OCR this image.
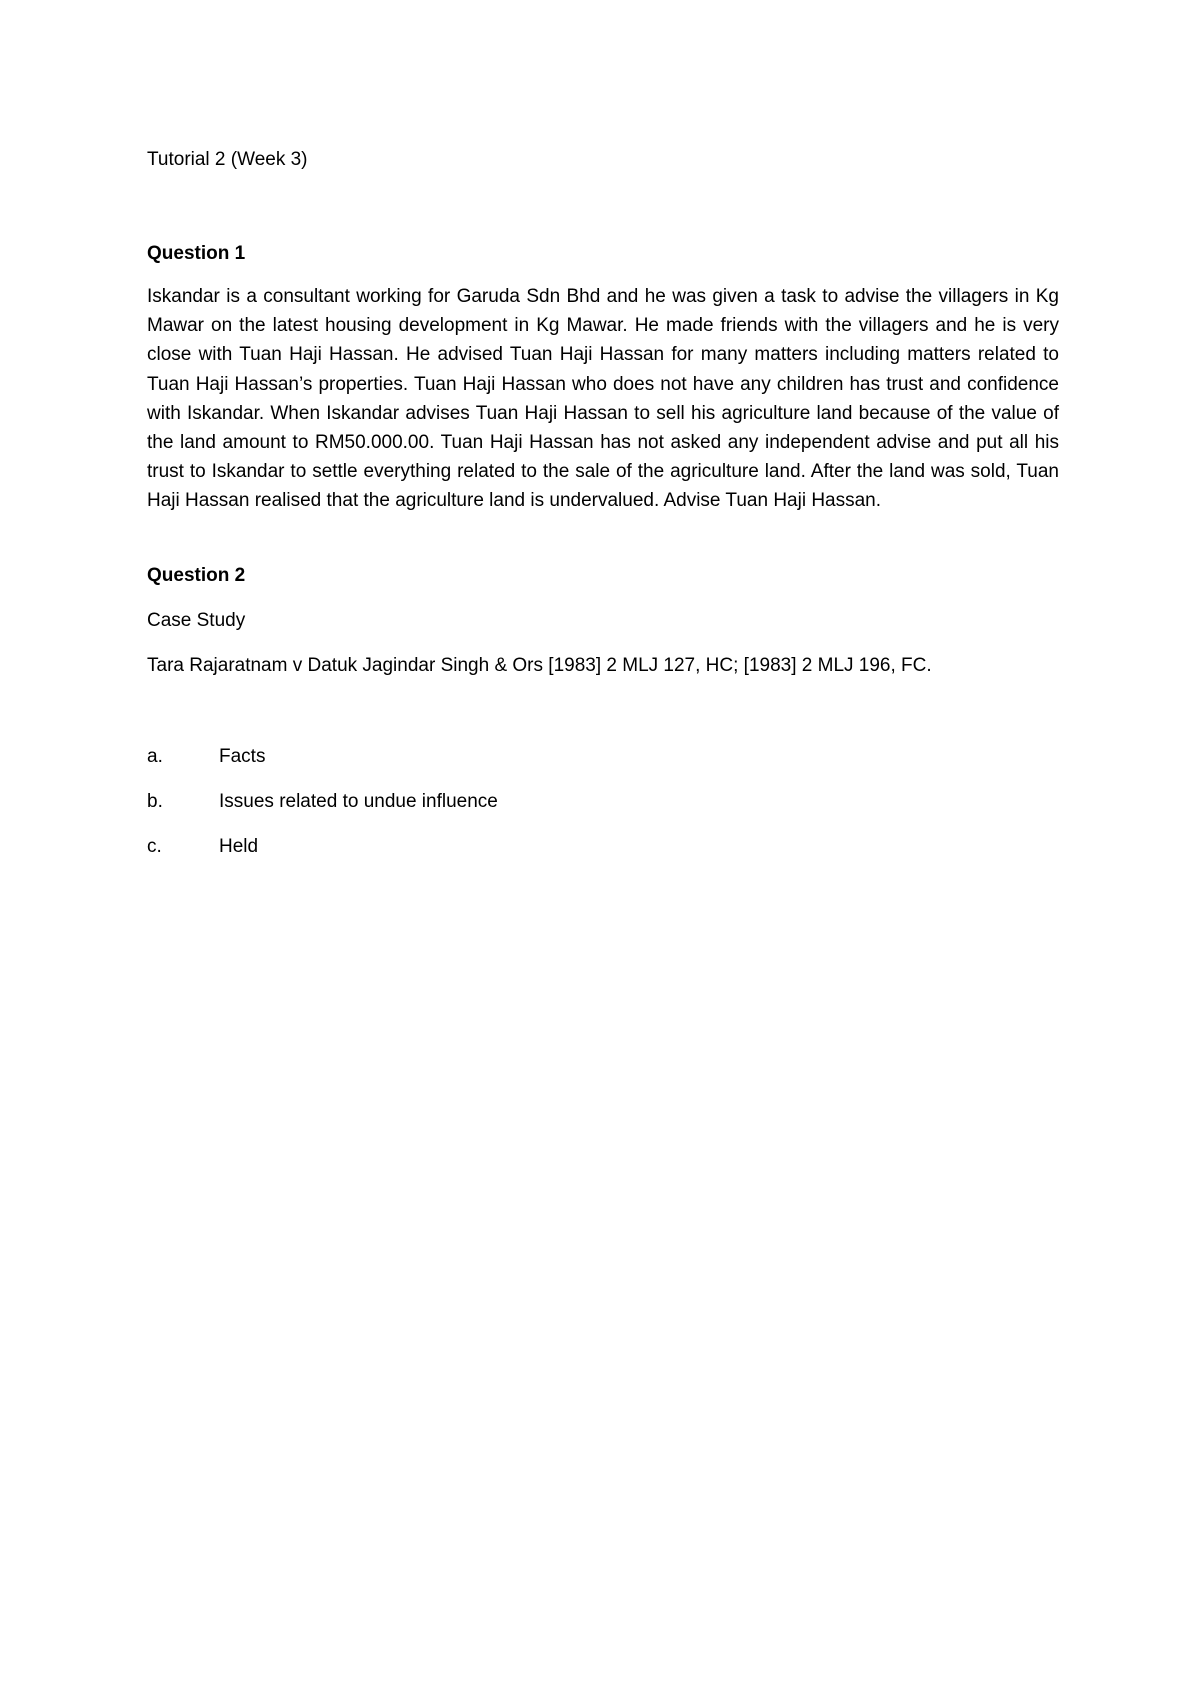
Tutorial 2 (Week 3)

Question 1

Iskandar is a consultant working for Garuda Sdn Bhd and he was given a task to advise the villagers in Kg Mawar on the latest housing development in Kg Mawar. He made friends with the villagers and he is very close with Tuan Haji Hassan. He advised Tuan Haji Hassan for many matters including matters related to Tuan Haji Hassan’s properties. Tuan Haji Hassan who does not have any children has trust and confidence with Iskandar. When Iskandar advises Tuan Haji Hassan to sell his agriculture land because of the value of the land amount to RM50.000.00. Tuan Haji Hassan has not asked any independent advise and put all his trust to Iskandar to settle everything related to the sale of the agriculture land. After the land was sold, Tuan Haji Hassan realised that the agriculture land is undervalued. Advise Tuan Haji Hassan.

Question 2

Case Study

Tara Rajaratnam v Datuk Jagindar Singh & Ors [1983] 2 MLJ 127, HC; [1983] 2 MLJ 196, FC.

a.	Facts
b.	Issues related to undue influence
c.	Held
